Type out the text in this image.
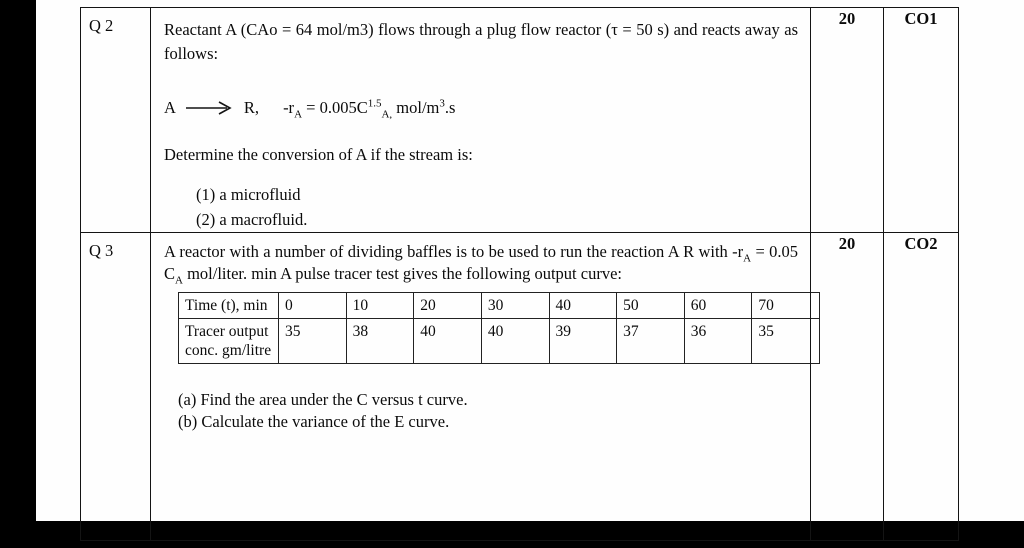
Q 2	Reactant A (CAo = 64 mol/m3) flows through a plug flow reactor (τ = 50 s) and reacts away as follows:
A	R, $-r_A = 0.005C^{1.5}_{A,}$ mol/$m^3.s$
Determine the conversion of A if the stream is:
(1) a microfluid
(2) a macrofluid.
	20	CO1
Q 3	A reactor with a number of dividing baffles is to be used to run the reaction A R with $-r_A = 0.05$ $C_A$ mol/liter. min A pulse tracer test gives the following output curve:
Time (t), min	0	10	20	30	40	50	60	70
Tracer output conc. gm/litre	35	38	40	40	39	37	36	35
(a) Find the area under the C versus t curve.
(b) Calculate the variance of the E curve.
	20	CO2
